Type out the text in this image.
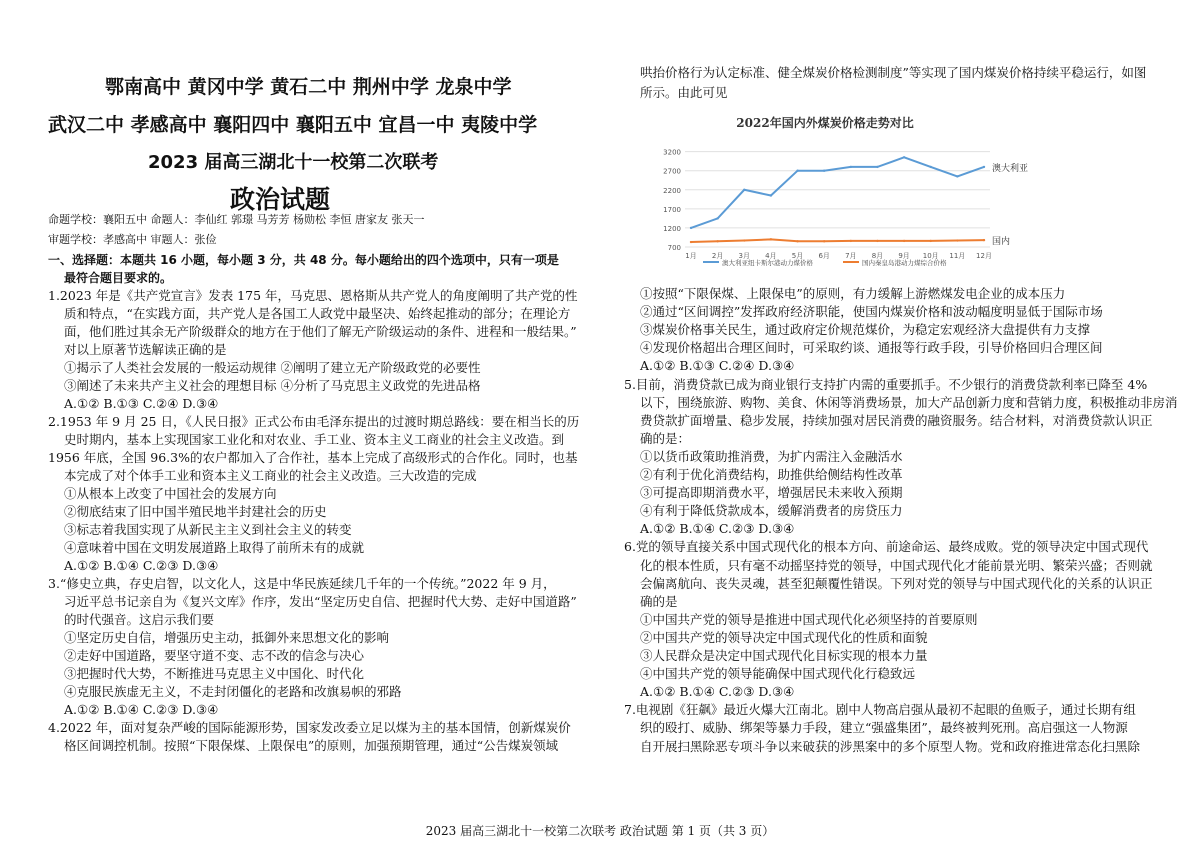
鄂南高中 黄冈中学 黄石二中 荆州中学 龙泉中学
武汉二中 孝感高中 襄阳四中 襄阳五中 宜昌一中 夷陵中学
2023 届高三湖北十一校第二次联考
政治试题
命题学校：襄阳五中 命题人：李仙红 郭璟 马芳芳 杨勋松 李恒 唐家友 张天一
审题学校：孝感高中 审题人：张俭
一、选择题：本题共 16 小题，每小题 3 分，共 48 分。每小题给出的四个选项中，只有一项是
最符合题目要求的。
1.2023 年是《共产党宣言》发表 175 年，马克思、恩格斯从共产党人的角度阐明了共产党的性
质和特点，“在实践方面，共产党人是各国工人政党中最坚决、始终起推动的部分；在理论方
面，他们胜过其余无产阶级群众的地方在于他们了解无产阶级运动的条件、进程和一般结果。”
对以上原著节选解读正确的是
①揭示了人类社会发展的一般运动规律 ②阐明了建立无产阶级政党的必要性
③阐述了未来共产主义社会的理想目标 ④分析了马克思主义政党的先进品格
A.①② B.①③ C.②④ D.③④
2.1953 年 9 月 25 日，《人民日报》正式公布由毛泽东提出的过渡时期总路线：要在相当长的历
史时期内，基本上实现国家工业化和对农业、手工业、资本主义工商业的社会主义改造。到
1956 年底，全国 96.3%的农户都加入了合作社，基本上完成了高级形式的合作化。同时，也基
本完成了对个体手工业和资本主义工商业的社会主义改造。三大改造的完成
①从根本上改变了中国社会的发展方向
②彻底结束了旧中国半殖民地半封建社会的历史
③标志着我国实现了从新民主主义到社会主义的转变
④意味着中国在文明发展道路上取得了前所未有的成就
A.①② B.①④ C.②③ D.③④
3.“修史立典，存史启智，以文化人，这是中华民族延续几千年的一个传统。”2022 年 9 月，
习近平总书记亲自为《复兴文库》作序，发出“坚定历史自信、把握时代大势、走好中国道路”
的时代强音。这启示我们要
①坚定历史自信，增强历史主动，抵御外来思想文化的影响
②走好中国道路，要坚守道不变、志不改的信念与决心
③把握时代大势，不断推进马克思主义中国化、时代化
④克服民族虚无主义，不走封闭僵化的老路和改旗易帜的邪路
A.①② B.①④ C.②③ D.③④
4.2022 年，面对复杂严峻的国际能源形势，国家发改委立足以煤为主的基本国情，创新煤炭价
格区间调控机制。按照“下限保煤、上限保电”的原则，加强预期管理，通过“公告煤炭领域
哄抬价格行为认定标准、健全煤炭价格检测制度”等实现了国内煤炭价格持续平稳运行，如图
所示。由此可见
2022年国内外煤炭价格走势对比
700
1200
1700
2200
2700
3200
1月 2月 3月 4月 5月 6月 7月 8月 9月 10月 11月 12月
澳大利亚
国内
澳大利亚纽卡斯尔港动力煤价格	国内秦皇岛港动力煤综合价格
①按照“下限保煤、上限保电”的原则，有力缓解上游燃煤发电企业的成本压力
②通过“区间调控”发挥政府经济职能，使国内煤炭价格和波动幅度明显低于国际市场
③煤炭价格事关民生，通过政府定价规范煤价，为稳定宏观经济大盘提供有力支撑
④发现价格超出合理区间时，可采取约谈、通报等行政手段，引导价格回归合理区间
A.①② B.①③ C.②④ D.③④
5.目前，消费贷款已成为商业银行支持扩内需的重要抓手。不少银行的消费贷款利率已降至 4%
以下，围绕旅游、购物、美食、休闲等消费场景，加大产品创新力度和营销力度，积极推动非房消
费贷款扩面增量、稳步发展，持续加强对居民消费的融资服务。结合材料，对消费贷款认识正
确的是：
①以货币政策助推消费，为扩内需注入金融活水
②有利于优化消费结构，助推供给侧结构性改革
③可提高即期消费水平，增强居民未来收入预期
④有利于降低贷款成本，缓解消费者的房贷压力
A.①② B.①④ C.②③ D.③④
6.党的领导直接关系中国式现代化的根本方向、前途命运、最终成败。党的领导决定中国式现代
化的根本性质，只有毫不动摇坚持党的领导，中国式现代化才能前景光明、繁荣兴盛；否则就
会偏离航向、丧失灵魂，甚至犯颠覆性错误。下列对党的领导与中国式现代化的关系的认识正
确的是
①中国共产党的领导是推进中国式现代化必须坚持的首要原则
②中国共产党的领导决定中国式现代化的性质和面貌
③人民群众是决定中国式现代化目标实现的根本力量
④中国共产党的领导能确保中国式现代化行稳致远
A.①② B.①④ C.②③ D.③④
7.电视剧《狂飙》最近火爆大江南北。剧中人物高启强从最初不起眼的鱼贩子，通过长期有组
织的殴打、威胁、绑架等暴力手段，建立“强盛集团”，最终被判死刑。高启强这一人物源
自开展扫黑除恶专项斗争以来破获的涉黑案中的多个原型人物。党和政府推进常态化扫黑除
2023 届高三湖北十一校第二次联考 政治试题 第 1 页（共 3 页）
